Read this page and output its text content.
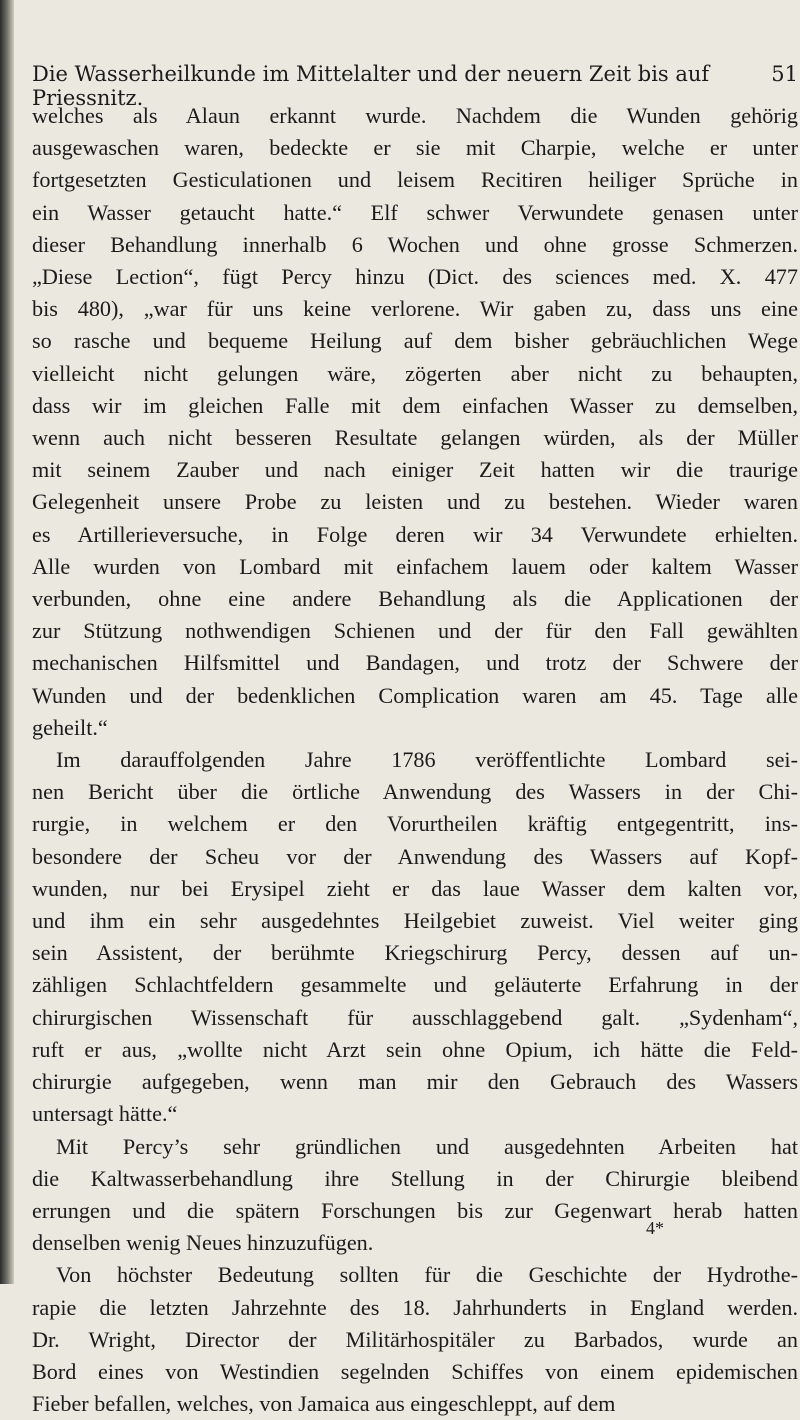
Die Wasserheilkunde im Mittelalter und der neuern Zeit bis auf Priessnitz.
51
welches als Alaun erkannt wurde. Nachdem die Wunden gehörig
ausgewaschen waren, bedeckte er sie mit Charpie, welche er unter
fortgesetzten Gesticulationen und leisem Recitiren heiliger Sprüche in
ein Wasser getaucht hatte.“ Elf schwer Verwundete genasen unter
dieser Behandlung innerhalb 6 Wochen und ohne grosse Schmerzen.
„Diese Lection“, fügt Percy hinzu (Dict. des sciences med. X. 477
bis 480), „war für uns keine verlorene. Wir gaben zu, dass uns eine
so rasche und bequeme Heilung auf dem bisher gebräuchlichen Wege
vielleicht nicht gelungen wäre, zögerten aber nicht zu behaupten,
dass wir im gleichen Falle mit dem einfachen Wasser zu demselben,
wenn auch nicht besseren Resultate gelangen würden, als der Müller
mit seinem Zauber und nach einiger Zeit hatten wir die traurige
Gelegenheit unsere Probe zu leisten und zu bestehen. Wieder waren
es Artillerieversuche, in Folge deren wir 34 Verwundete erhielten.
Alle wurden von Lombard mit einfachem lauem oder kaltem Wasser
verbunden, ohne eine andere Behandlung als die Applicationen der
zur Stützung nothwendigen Schienen und der für den Fall gewählten
mechanischen Hilfsmittel und Bandagen, und trotz der Schwere der
Wunden und der bedenklichen Complication waren am 45. Tage alle
geheilt.“
Im darauffolgenden Jahre 1786 veröffentlichte Lombard sei-
nen Bericht über die örtliche Anwendung des Wassers in der Chi-
rurgie, in welchem er den Vorurtheilen kräftig entgegentritt, ins-
besondere der Scheu vor der Anwendung des Wassers auf Kopf-
wunden, nur bei Erysipel zieht er das laue Wasser dem kalten vor,
und ihm ein sehr ausgedehntes Heilgebiet zuweist. Viel weiter ging
sein Assistent, der berühmte Kriegschirurg Percy, dessen auf un-
zähligen Schlachtfeldern gesammelte und geläuterte Erfahrung in der
chirurgischen Wissenschaft für ausschlaggebend galt. „Sydenham“,
ruft er aus, „wollte nicht Arzt sein ohne Opium, ich hätte die Feld-
chirurgie aufgegeben, wenn man mir den Gebrauch des Wassers
untersagt hätte.“
Mit Percy’s sehr gründlichen und ausgedehnten Arbeiten hat
die Kaltwasserbehandlung ihre Stellung in der Chirurgie bleibend
errungen und die spätern Forschungen bis zur Gegenwart herab hatten
denselben wenig Neues hinzuzufügen.
Von höchster Bedeutung sollten für die Geschichte der Hydrothe-
rapie die letzten Jahrzehnte des 18. Jahrhunderts in England werden.
Dr. Wright, Director der Militärhospitäler zu Barbados, wurde an
Bord eines von Westindien segelnden Schiffes von einem epidemischen
Fieber befallen, welches, von Jamaica aus eingeschleppt, auf dem
4*
